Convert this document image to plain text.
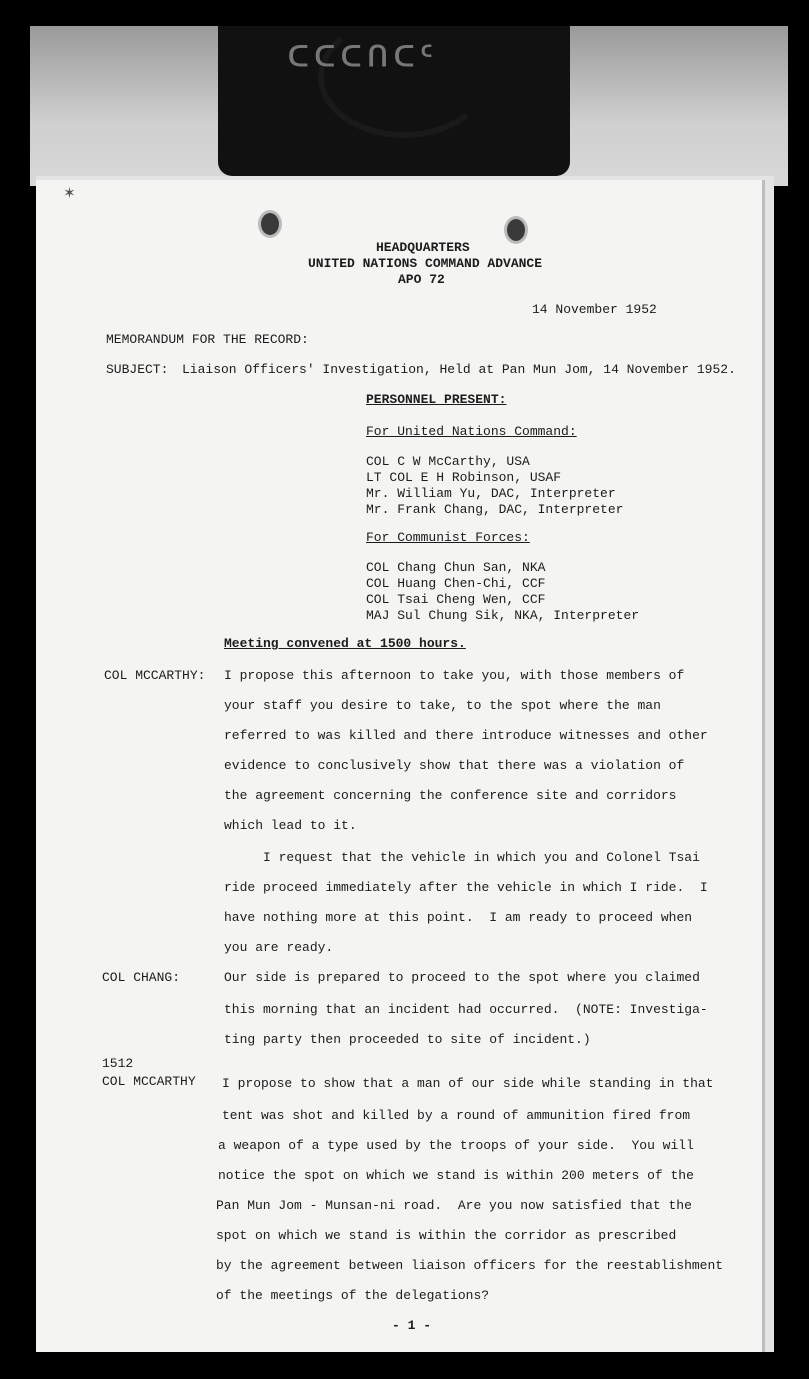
ᑕᑕᑕᑎᑕᑦ
✶
HEADQUARTERS
UNITED NATIONS COMMAND ADVANCE
APO 72
14 November 1952
MEMORANDUM FOR THE RECORD:
SUBJECT: Liaison Officers' Investigation, Held at Pan Mun Jom, 14 November 1952.
PERSONNEL PRESENT:
For United Nations Command:
COL C W McCarthy, USA
LT COL E H Robinson, USAF
Mr. William Yu, DAC, Interpreter
Mr. Frank Chang, DAC, Interpreter
For Communist Forces:
COL Chang Chun San, NKA
COL Huang Chen-Chi, CCF
COL Tsai Cheng Wen, CCF
MAJ Sul Chung Sik, NKA, Interpreter
Meeting convened at 1500 hours.
COL MCCARTHY: I propose this afternoon to take you, with those members of
your staff you desire to take, to the spot where the man
referred to was killed and there introduce witnesses and other
evidence to conclusively show that there was a violation of
the agreement concerning the conference site and corridors
which lead to it.
I request that the vehicle in which you and Colonel Tsai
ride proceed immediately after the vehicle in which I ride.  I
have nothing more at this point.  I am ready to proceed when
you are ready.
COL CHANG:	Our side is prepared to proceed to the spot where you claimed
this morning that an incident had occurred.  (NOTE: Investiga-
ting party then proceeded to site of incident.)
1512
COL MCCARTHY I propose to show that a man of our side while standing in that
tent was shot and killed by a round of ammunition fired from
a weapon of a type used by the troops of your side.  You will
notice the spot on which we stand is within 200 meters of the
Pan Mun Jom - Munsan-ni road.  Are you now satisfied that the
spot on which we stand is within the corridor as prescribed
by the agreement between liaison officers for the reestablishment
of the meetings of the delegations?
- 1 -
